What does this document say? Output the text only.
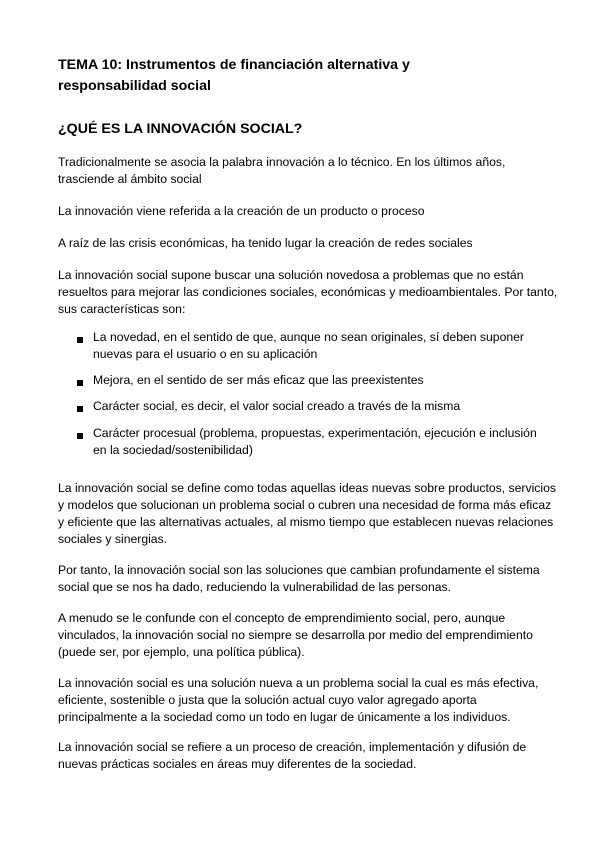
TEMA 10: Instrumentos de financiación alternativa y
responsabilidad social
¿QUÉ ES LA INNOVACIÓN SOCIAL?

Tradicionalmente se asocia la palabra innovación a lo técnico. En los últimos años, trasciende al ámbito social

La innovación viene referida a la creación de un producto o proceso

A raíz de las crisis económicas, ha tenido lugar la creación de redes sociales

La innovación social supone buscar una solución novedosa a problemas que no están resueltos para mejorar las condiciones sociales, económicas y medioambientales. Por tanto, sus características son:

La novedad, en el sentido de que, aunque no sean originales, sí deben suponer nuevas para el usuario o en su aplicación
Mejora, en el sentido de ser más eficaz que las preexistentes
Carácter social, es decir, el valor social creado a través de la misma
Carácter procesual (problema, propuestas, experimentación, ejecución e inclusión en la sociedad/sostenibilidad)

La innovación social se define como todas aquellas ideas nuevas sobre productos, servicios y modelos que solucionan un problema social o cubren una necesidad de forma más eficaz y eficiente que las alternativas actuales, al mismo tiempo que establecen nuevas relaciones sociales y sinergias.

Por tanto, la innovación social son las soluciones que cambian profundamente el sistema social que se nos ha dado, reduciendo la vulnerabilidad de las personas.

A menudo se le confunde con el concepto de emprendimiento social, pero, aunque vinculados, la innovación social no siempre se desarrolla por medio del emprendimiento (puede ser, por ejemplo, una política pública).

La innovación social es una solución nueva a un problema social la cual es más efectiva, eficiente, sostenible o justa que la solución actual cuyo valor agregado aporta principalmente a la sociedad como un todo en lugar de únicamente a los individuos.

La innovación social se refiere a un proceso de creación, implementación y difusión de nuevas prácticas sociales en áreas muy diferentes de la sociedad.
